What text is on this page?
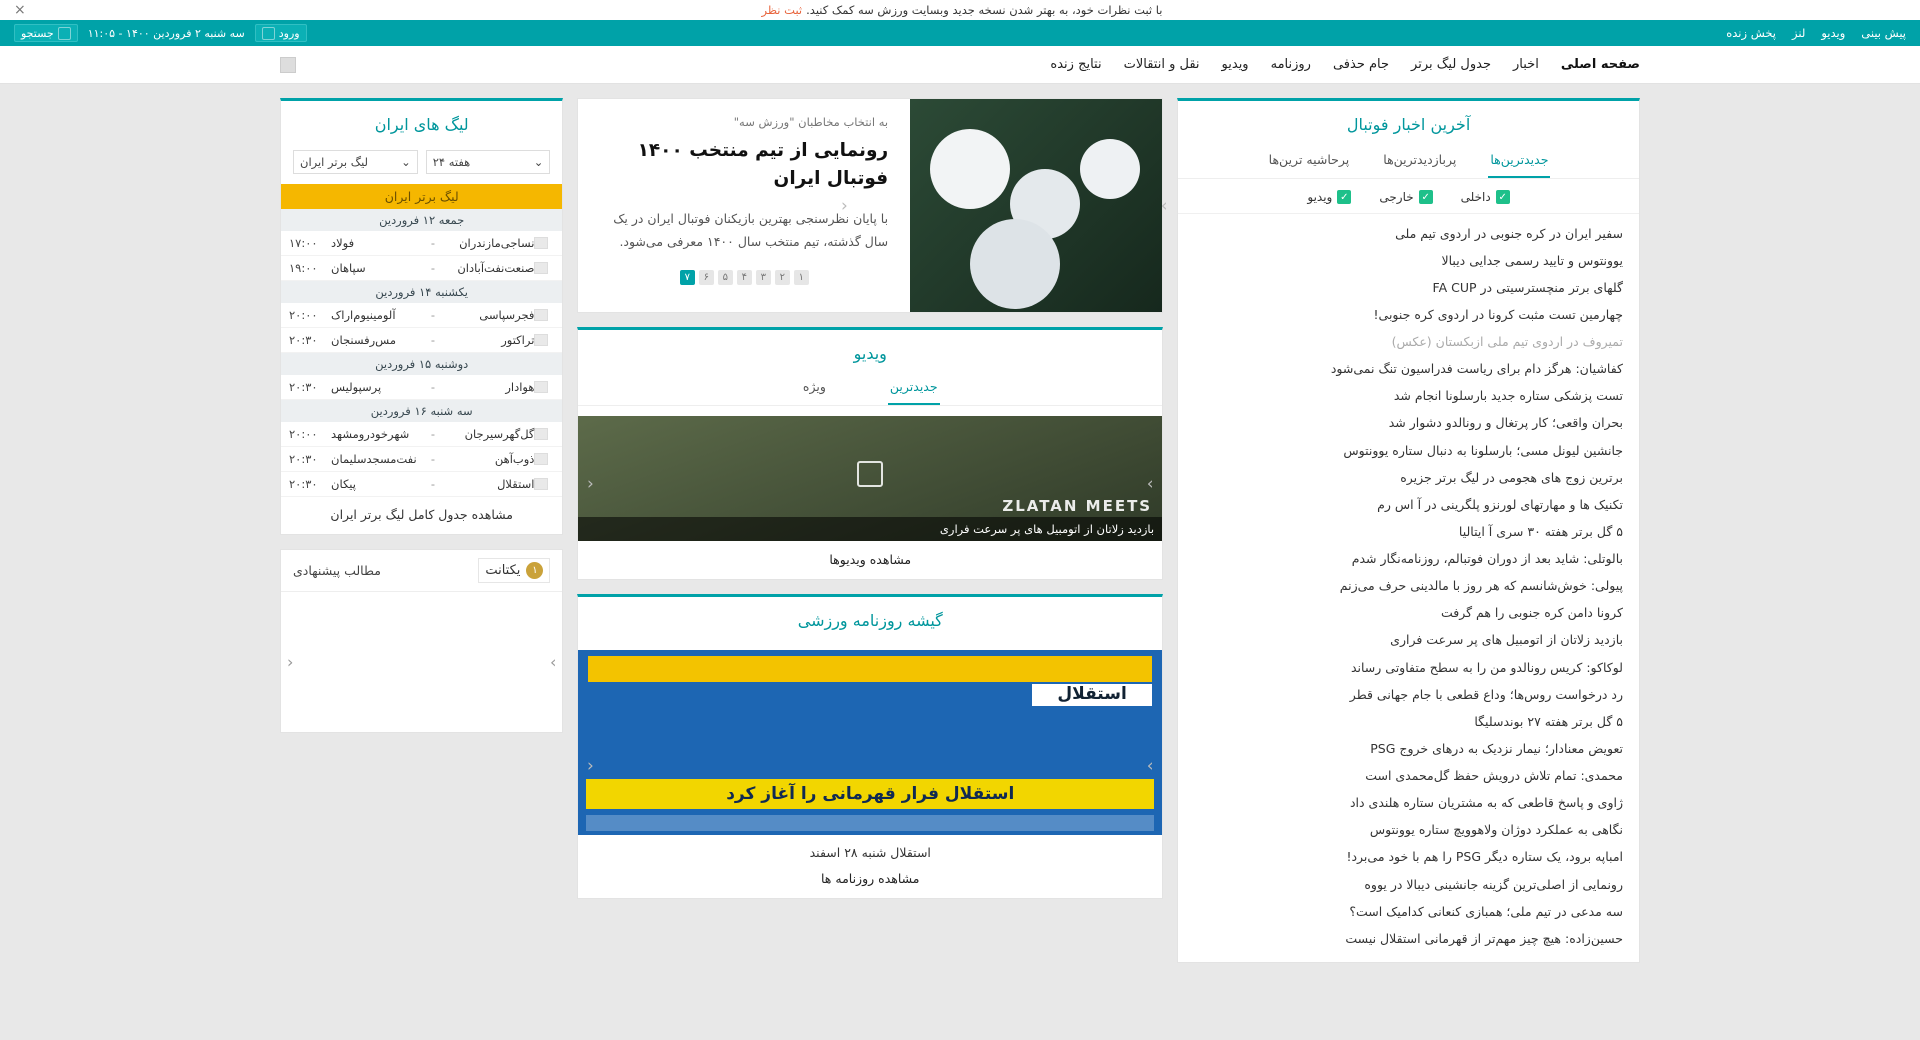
با ثبت نظرات خود، به بهتر شدن نسخه جدید وبسایت ورزش سه کمک کنید.
ثبت نظر
×
پیش بینی
ویدیو
لنز
پخش زنده
ورود
سه شنبه ۲ فروردین ۱۴۰۰ - ۱۱:۰۵
جستجو
صفحه اصلی
اخبار
جدول لیگ برتر
جام حذفی
روزنامه
ویدیو
نقل و انتقالات
نتایج زنده
آخرین اخبار فوتبال
جدیدترین‌ها
پربازدیدترین‌ها
پرحاشیه ترین‌ها
✓
داخلی
✓
خارجی
✓
ویدیو
سفیر ایران در کره جنوبی در اردوی تیم ملی
یوونتوس و تایید رسمی جدایی دیبالا
گلهای برتر منچسترسیتی در FA CUP
چهارمین تست مثبت کرونا در اردوی کره جنوبی!
تمیروف در اردوی تیم ملی ازبکستان (عکس)
کفاشیان: هرگز دام برای ریاست فدراسیون تنگ نمی‌شود
تست پزشکی ستاره جدید بارسلونا انجام شد
بحران واقعی؛ کار پرتغال و رونالدو دشوار شد
جانشین لیونل مسی؛ بارسلونا به دنبال ستاره یوونتوس
برترین زوج های هجومی در لیگ برتر جزیره
تکنیک ها و مهارتهای لورنزو پلگرینی در آ اس رم
۵ گل برتر هفته ۳۰ سری آ ایتالیا
بالوتلی: شاید بعد از دوران فوتبالم، روزنامه‌نگار شدم
پیولی: خوش‌شانسم که هر روز با مالدینی حرف می‌زنم
کرونا دامن کره جنوبی را هم گرفت
بازدید زلاتان از اتومبیل های پر سرعت فراری
لوکاکو: کریس رونالدو من را به سطح متفاوتی رساند
رد درخواست روس‌ها؛ وداع قطعی با جام جهانی قطر
۵ گل برتر هفته ۲۷ بوندسلیگا
تعویض معنادار؛ نیمار نزدیک به درهای خروج PSG
محمدی: تمام تلاش درویش حفظ گل‌محمدی است
ژاوی و پاسخ قاطعی که به مشتریان ستاره هلندی داد
نگاهی به عملکرد دوژان ولاهوویچ ستاره یوونتوس
امباپه برود، یک ستاره دیگر PSG را هم با خود می‌برد!
رونمایی از اصلی‌ترین گزینه جانشینی دیبالا در یووه
سه مدعی در تیم ملی؛ همبازی کنعانی کدامیک است؟
حسین‌زاده: هیچ چیز مهم‌تر از قهرمانی استقلال نیست
به انتخاب مخاطبان "ورزش سه"
رونمایی از تیم منتخب ۱۴۰۰ فوتبال ایران
با پایان نظرسنجی بهترین بازیکنان فوتبال ایران در یک سال گذشته، تیم منتخب سال ۱۴۰۰ معرفی می‌شود.
۱
۲
۳
۴
۵
۶
۷
›
‹
ویدیو
جدیدترین
ویژه
ZLATAN MEETS
بازدید زلاتان از اتومبیل های پر سرعت فراری
مشاهده ویدیوها
›
‹
گیشه روزنامه ورزشی
استقلال
استقلال فرار قهرمانی را آغاز کرد
استقلال شنبه ۲۸ اسفند
مشاهده روزنامه ها
›
‹
لیگ های ایران
⌄
هفته ۲۴
⌄
لیگ برتر ایران
لیگ برتر ایران
جمعه ۱۲ فروردین
نساجی‌مازندران
-
فولاد
۱۷:۰۰
صنعت‌نفت‌آبادان
-
سپاهان
۱۹:۰۰
یکشنبه ۱۴ فروردین
فجرسپاسی
-
آلومینیوم‌اراک
۲۰:۰۰
تراکتور
-
مس‌رفسنجان
۲۰:۳۰
دوشنبه ۱۵ فروردین
هوادار
-
پرسپولیس
۲۰:۳۰
سه شنبه ۱۶ فروردین
گل‌گهرسیرجان
-
شهرخودرومشهد
۲۰:۰۰
ذوب‌آهن
-
نفت‌مسجدسلیمان
۲۰:۳۰
استقلال
-
پیکان
۲۰:۳۰
مشاهده جدول کامل لیگ برتر ایران
۱
یکتانت
مطالب پیشنهادی
›
‹
